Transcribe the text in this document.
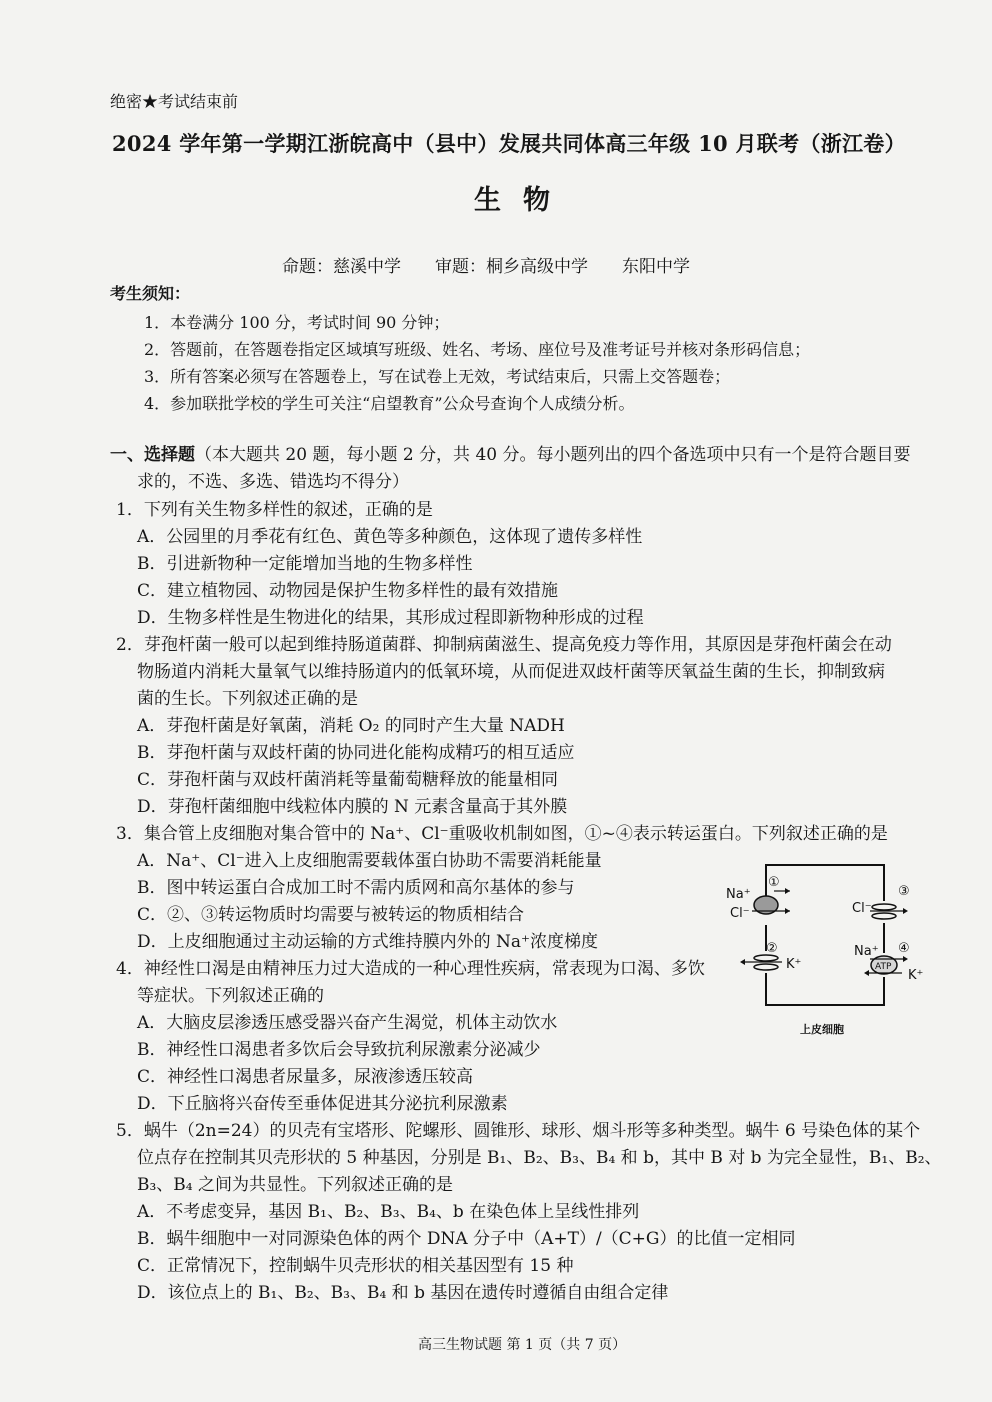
绝密★考试结束前
2024 学年第一学期江浙皖高中（县中）发展共同体高三年级 10 月联考（浙江卷）
生物
命题：慈溪中学 审题：桐乡高级中学 东阳中学
考生须知：
1．本卷满分 100 分，考试时间 90 分钟；
2．答题前，在答题卷指定区域填写班级、姓名、考场、座位号及准考证号并核对条形码信息；
3．所有答案必须写在答题卷上，写在试卷上无效，考试结束后，只需上交答题卷；
4．参加联批学校的学生可关注“启望教育”公众号查询个人成绩分析。
一、选择题（本大题共 20 题，每小题 2 分，共 40 分。每小题列出的四个备选项中只有一个是符合题目要
求的，不选、多选、错选均不得分）
1．下列有关生物多样性的叙述，正确的是
A．公园里的月季花有红色、黄色等多种颜色，这体现了遗传多样性
B．引进新物种一定能增加当地的生物多样性
C．建立植物园、动物园是保护生物多样性的最有效措施
D．生物多样性是生物进化的结果，其形成过程即新物种形成的过程
2．芽孢杆菌一般可以起到维持肠道菌群、抑制病菌滋生、提高免疫力等作用，其原因是芽孢杆菌会在动
物肠道内消耗大量氧气以维持肠道内的低氧环境，从而促进双歧杆菌等厌氧益生菌的生长，抑制致病
菌的生长。下列叙述正确的是
A．芽孢杆菌是好氧菌，消耗 O₂ 的同时产生大量 NADH
B．芽孢杆菌与双歧杆菌的协同进化能构成精巧的相互适应
C．芽孢杆菌与双歧杆菌消耗等量葡萄糖释放的能量相同
D．芽孢杆菌细胞中线粒体内膜的 N 元素含量高于其外膜
3．集合管上皮细胞对集合管中的 Na⁺、Cl⁻重吸收机制如图，①~④表示转运蛋白。下列叙述正确的是
A．Na⁺、Cl⁻进入上皮细胞需要载体蛋白协助不需要消耗能量
B．图中转运蛋白合成加工时不需内质网和高尔基体的参与
C．②、③转运物质时均需要与被转运的物质相结合
D．上皮细胞通过主动运输的方式维持膜内外的 Na⁺浓度梯度
4．神经性口渴是由精神压力过大造成的一种心理性疾病，常表现为口渴、多饮
等症状。下列叙述正确的
A．大脑皮层渗透压感受器兴奋产生渴觉，机体主动饮水
B．神经性口渴患者多饮后会导致抗利尿激素分泌减少
C．神经性口渴患者尿量多，尿液渗透压较高
D．下丘脑将兴奋传至垂体促进其分泌抗利尿激素
5．蜗牛（2n=24）的贝壳有宝塔形、陀螺形、圆锥形、球形、烟斗形等多种类型。蜗牛 6 号染色体的某个
位点存在控制其贝壳形状的 5 种基因，分别是 B₁、B₂、B₃、B₄ 和 b，其中 B 对 b 为完全显性，B₁、B₂、
B₃、B₄ 之间为共显性。下列叙述正确的是
A．不考虑变异，基因 B₁、B₂、B₃、B₄、b 在染色体上呈线性排列
B．蜗牛细胞中一对同源染色体的两个 DNA 分子中（A+T）/（C+G）的比值一定相同
C．正常情况下，控制蜗牛贝壳形状的相关基因型有 15 种
D．该位点上的 B₁、B₂、B₃、B₄ 和 b 基因在遗传时遵循自由组合定律
①
Na⁺
Cl⁻
②
K⁺
③
Cl⁻
ATP
④
Na⁺
K⁺
上皮细胞
高三生物试题 第 1 页（共 7 页）
